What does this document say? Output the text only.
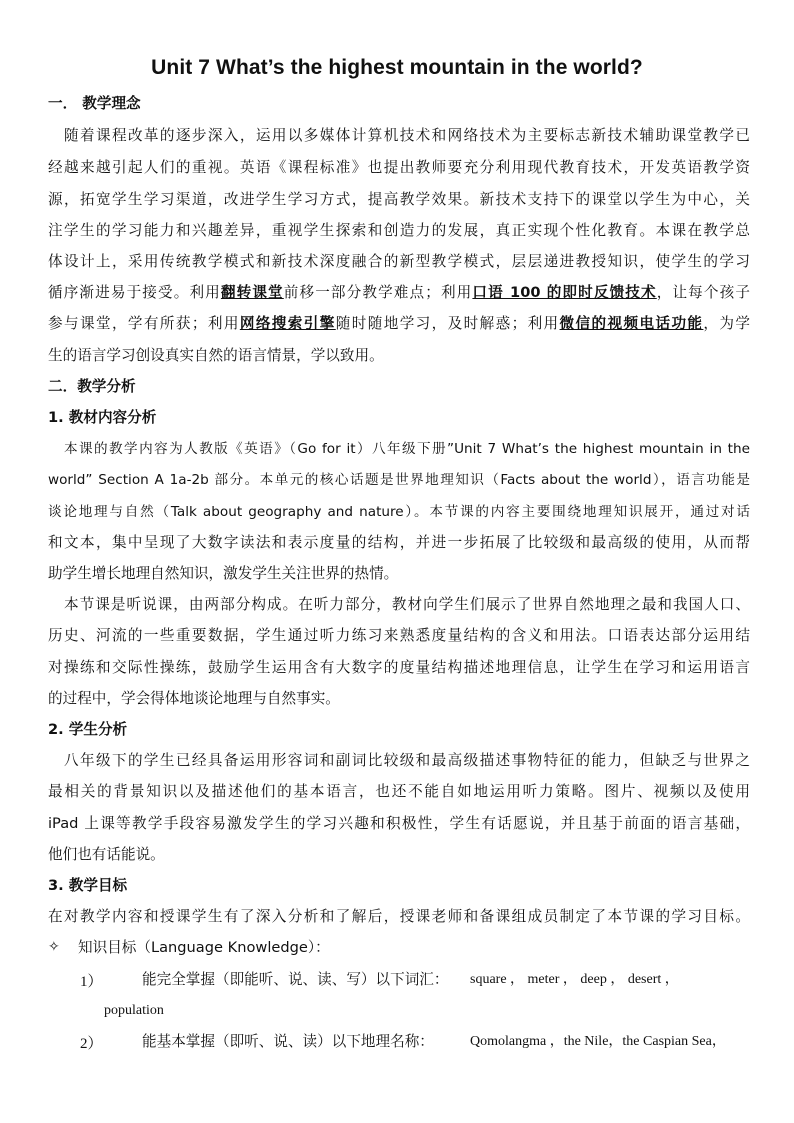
Unit 7 What’s the highest mountain in the world?
一． 教学理念
随着课程改革的逐步深入，运用以多媒体计算机技术和网络技术为主要标志新技术辅助课堂教学已
经越来越引起人们的重视。英语《课程标准》也提出教师要充分利用现代教育技术，开发英语教学资
源，拓宽学生学习渠道，改进学生学习方式，提高教学效果。新技术支持下的课堂以学生为中心，关
注学生的学习能力和兴趣差异，重视学生探索和创造力的发展，真正实现个性化教育。本课在教学总
体设计上，采用传统教学模式和新技术深度融合的新型教学模式，层层递进教授知识，使学生的学习
循序渐进易于接受。利用翻转课堂前移一部分教学难点；利用口语 100 的即时反馈技术，让每个孩子
参与课堂，学有所获；利用网络搜索引擎随时随地学习，及时解惑；利用微信的视频电话功能，为学
生的语言学习创设真实自然的语言情景，学以致用。
二．教学分析
1. 教材内容分析
本课的教学内容为人教版《英语》（Go for it）八年级下册”Unit 7 What’s the highest mountain in the
world” Section A 1a-2b 部分。本单元的核心话题是世界地理知识（Facts about the world），语言功能是
谈论地理与自然（Talk about geography and nature）。本节课的内容主要围绕地理知识展开，通过对话
和文本，集中呈现了大数字读法和表示度量的结构，并进一步拓展了比较级和最高级的使用，从而帮
助学生增长地理自然知识，激发学生关注世界的热情。
本节课是听说课，由两部分构成。在听力部分，教材向学生们展示了世界自然地理之最和我国人口、
历史、河流的一些重要数据，学生通过听力练习来熟悉度量结构的含义和用法。口语表达部分运用结
对操练和交际性操练，鼓励学生运用含有大数字的度量结构描述地理信息，让学生在学习和运用语言
的过程中，学会得体地谈论地理与自然事实。
2. 学生分析
八年级下的学生已经具备运用形容词和副词比较级和最高级描述事物特征的能力，但缺乏与世界之
最相关的背景知识以及描述他们的基本语言，也还不能自如地运用听力策略。图片、视频以及使用
iPad 上课等教学手段容易激发学生的学习兴趣和积极性，学生有话愿说，并且基于前面的语言基础，
他们也有话能说。
3. 教学目标
在对教学内容和授课学生有了深入分析和了解后，授课老师和备课组成员制定了本节课的学习目标。
✧ 知识目标（Language Knowledge）：
1）	能完全掌握（即能听、说、读、写）以下词汇：	square ， meter ， deep ， desert ，
population
2）	能基本掌握（即听、说、读）以下地理名称：	Qomolangma ，the Nile，the Caspian Sea，
